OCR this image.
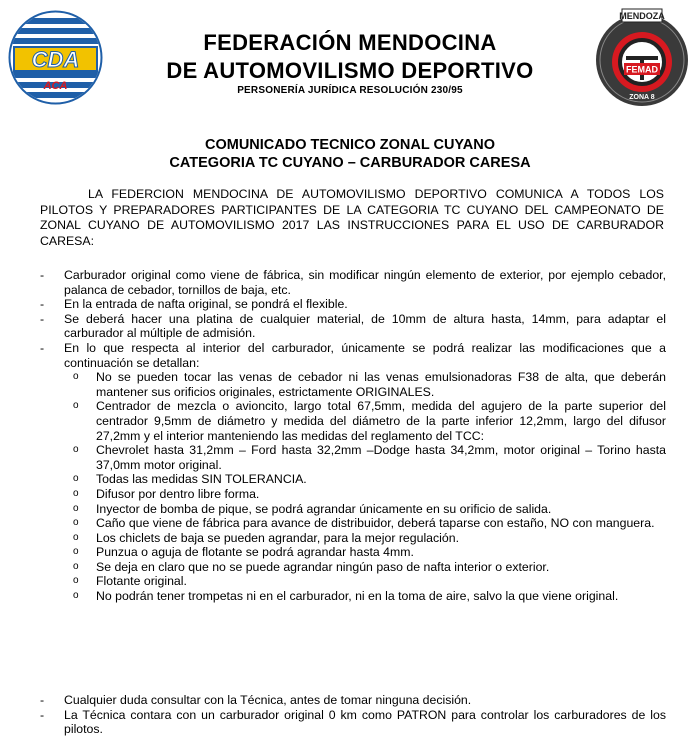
CDA
ACA
FEDERACIÓN MENDOCINA
DE AUTOMOVILISMO DEPORTIVO
PERSONERÍA JURÍDICA RESOLUCIÓN 230/95
MENDOZA
FEMAD
ZONA 8
COMUNICADO TECNICO ZONAL CUYANO
CATEGORIA TC CUYANO – CARBURADOR CARESA
LA FEDERCION MENDOCINA DE AUTOMOVILISMO DEPORTIVO COMUNICA A TODOS LOS PILOTOS Y PREPARADORES PARTICIPANTES DE LA CATEGORIA TC CUYANO DEL CAMPEONATO DE ZONAL CUYANO DE AUTOMOVILISMO 2017 LAS INSTRUCCIONES PARA EL USO DE CARBURADOR CARESA:
- Carburador original como viene de fábrica, sin modificar ningún elemento de exterior, por ejemplo cebador, palanca de cebador, tornillos de baja, etc.
- En la entrada de nafta original, se pondrá el flexible.
- Se deberá hacer una platina de cualquier material, de 10mm de altura hasta, 14mm, para adaptar el carburador al múltiple de admisión.
- En lo que respecta al interior del carburador, únicamente se podrá realizar las modificaciones que a continuación se detallan:
o No se pueden tocar las venas de cebador ni las venas emulsionadoras F38 de alta, que deberán mantener sus orificios originales, estrictamente ORIGINALES.
o Centrador de mezcla o avioncito, largo total 67,5mm, medida del agujero de la parte superior del centrador 9,5mm de diámetro y medida del diámetro de la parte inferior 12,2mm, largo del difusor 27,2mm y el interior manteniendo las medidas del reglamento del TCC:
o Chevrolet hasta 31,2mm – Ford hasta 32,2mm –Dodge hasta 34,2mm, motor original – Torino hasta 37,0mm motor original.
o Todas las medidas SIN TOLERANCIA.
o Difusor por dentro libre forma.
o Inyector de bomba de pique, se podrá agrandar únicamente en su orificio de salida.
o Caño que viene de fábrica para avance de distribuidor, deberá taparse con estaño, NO con manguera.
o Los chiclets de baja se pueden agrandar, para la mejor regulación.
o Punzua o aguja de flotante se podrá agrandar hasta 4mm.
o Se deja en claro que no se puede agrandar ningún paso de nafta interior o exterior.
o Flotante original.
o No podrán tener trompetas ni en el carburador, ni en la toma de aire, salvo la que viene original.
- Cualquier duda consultar con la Técnica, antes de tomar ninguna decisión.
- La Técnica contara con un carburador original 0 km como PATRON para controlar los carburadores de los pilotos.
